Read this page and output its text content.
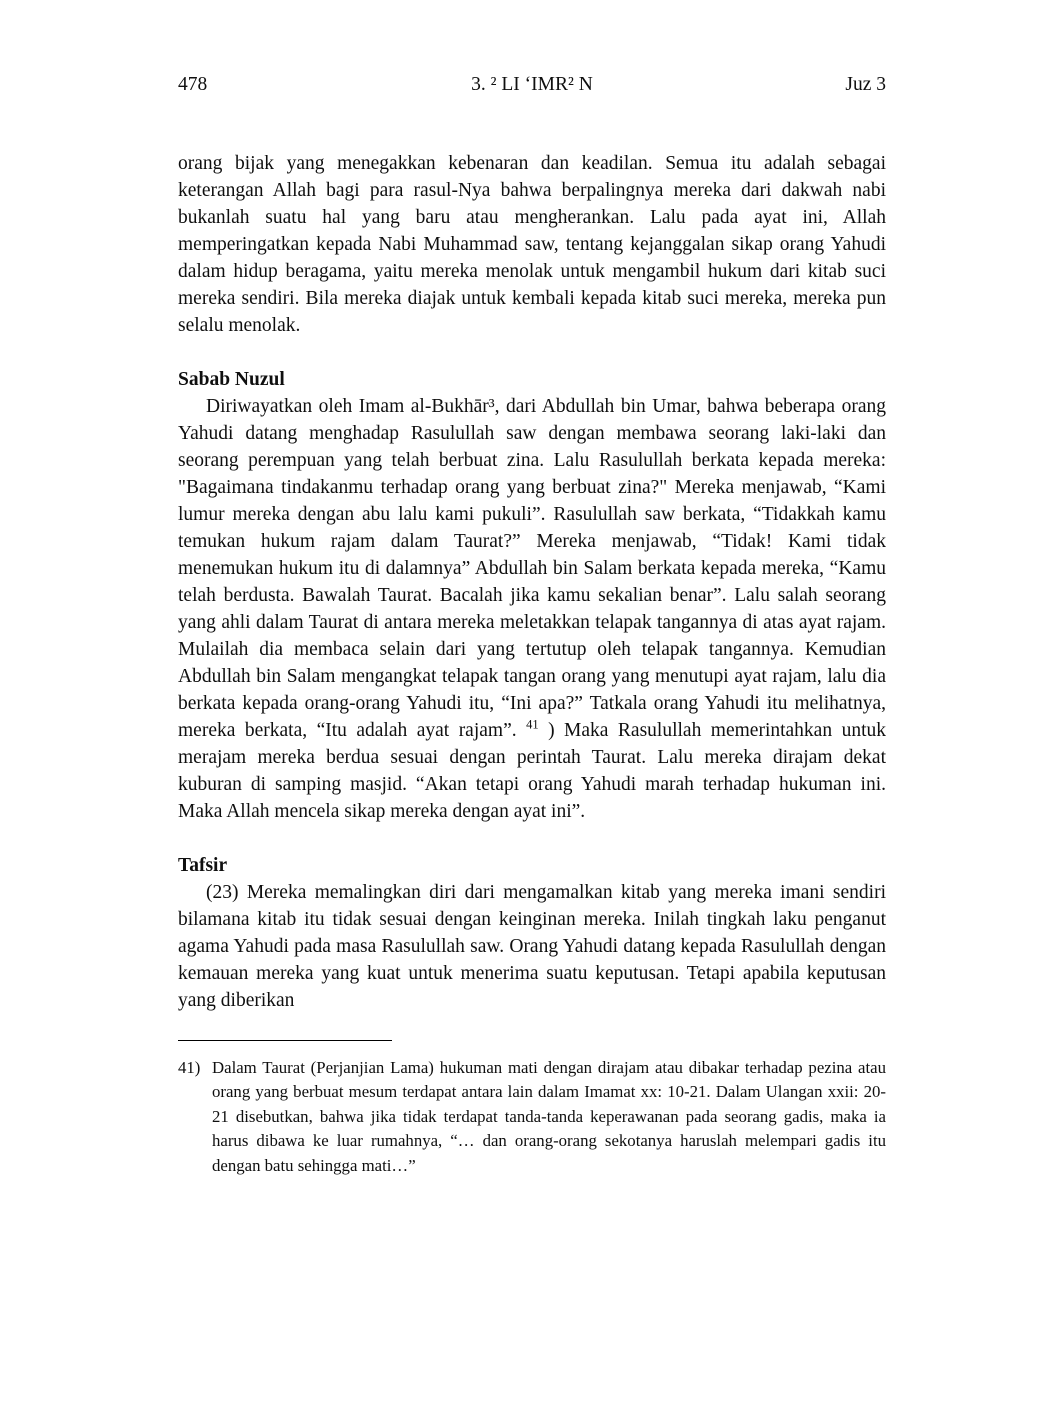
478	3. ² LI ‘IMR² N	Juz 3

orang bijak yang menegakkan kebenaran dan keadilan. Semua itu adalah sebagai keterangan Allah bagi para rasul-Nya bahwa berpalingnya mereka dari dakwah nabi bukanlah suatu hal yang baru atau mengherankan. Lalu pada ayat ini, Allah memperingatkan kepada Nabi Muhammad saw, tentang kejanggalan sikap orang Yahudi dalam hidup beragama, yaitu mereka menolak untuk mengambil hukum dari kitab suci mereka sendiri. Bila mereka diajak untuk kembali kepada kitab suci mereka, mereka pun selalu menolak.

Sabab Nuzul

Diriwayatkan oleh Imam al-Bukhār³, dari Abdullah bin Umar, bahwa beberapa orang Yahudi datang menghadap Rasulullah saw dengan membawa seorang laki-laki dan seorang perempuan yang telah berbuat zina. Lalu Rasulullah berkata kepada mereka: "Bagaimana tindakanmu terhadap orang yang berbuat zina?" Mereka menjawab, “Kami lumur mereka dengan abu lalu kami pukuli”. Rasulullah saw berkata, “Tidakkah kamu temukan hukum rajam dalam Taurat?” Mereka menjawab, “Tidak! Kami tidak menemukan hukum itu di dalamnya” Abdullah bin Salam berkata kepada mereka, “Kamu telah berdusta. Bawalah Taurat. Bacalah jika kamu sekalian benar”. Lalu salah seorang yang ahli dalam Taurat di antara mereka meletakkan telapak tangannya di atas ayat rajam. Mulailah dia membaca selain dari yang tertutup oleh telapak tangannya. Kemudian Abdullah bin Salam mengangkat telapak tangan orang yang menutupi ayat rajam, lalu dia berkata kepada orang-orang Yahudi itu, “Ini apa?” Tatkala orang Yahudi itu melihatnya, mereka berkata, “Itu adalah ayat rajam”. $^{41}$ ) Maka Rasulullah memerintahkan untuk merajam mereka berdua sesuai dengan perintah Taurat. Lalu mereka dirajam dekat kuburan di samping masjid. “Akan tetapi orang Yahudi marah terhadap hukuman ini. Maka Allah mencela sikap mereka dengan ayat ini”.

Tafsir

(23) Mereka memalingkan diri dari mengamalkan kitab yang mereka imani sendiri bilamana kitab itu tidak sesuai dengan keinginan mereka. Inilah tingkah laku penganut agama Yahudi pada masa Rasulullah saw. Orang Yahudi datang kepada Rasulullah dengan kemauan mereka yang kuat untuk menerima suatu keputusan. Tetapi apabila keputusan yang diberikan

41) Dalam Taurat (Perjanjian Lama) hukuman mati dengan dirajam atau dibakar terhadap pezina atau orang yang berbuat mesum terdapat antara lain dalam Imamat xx: 10-21. Dalam Ulangan xxii: 20-21 disebutkan, bahwa jika tidak terdapat tanda-tanda keperawanan pada seorang gadis, maka ia harus dibawa ke luar rumahnya, “… dan orang-orang sekotanya haruslah melempari gadis itu dengan batu sehingga mati…”
